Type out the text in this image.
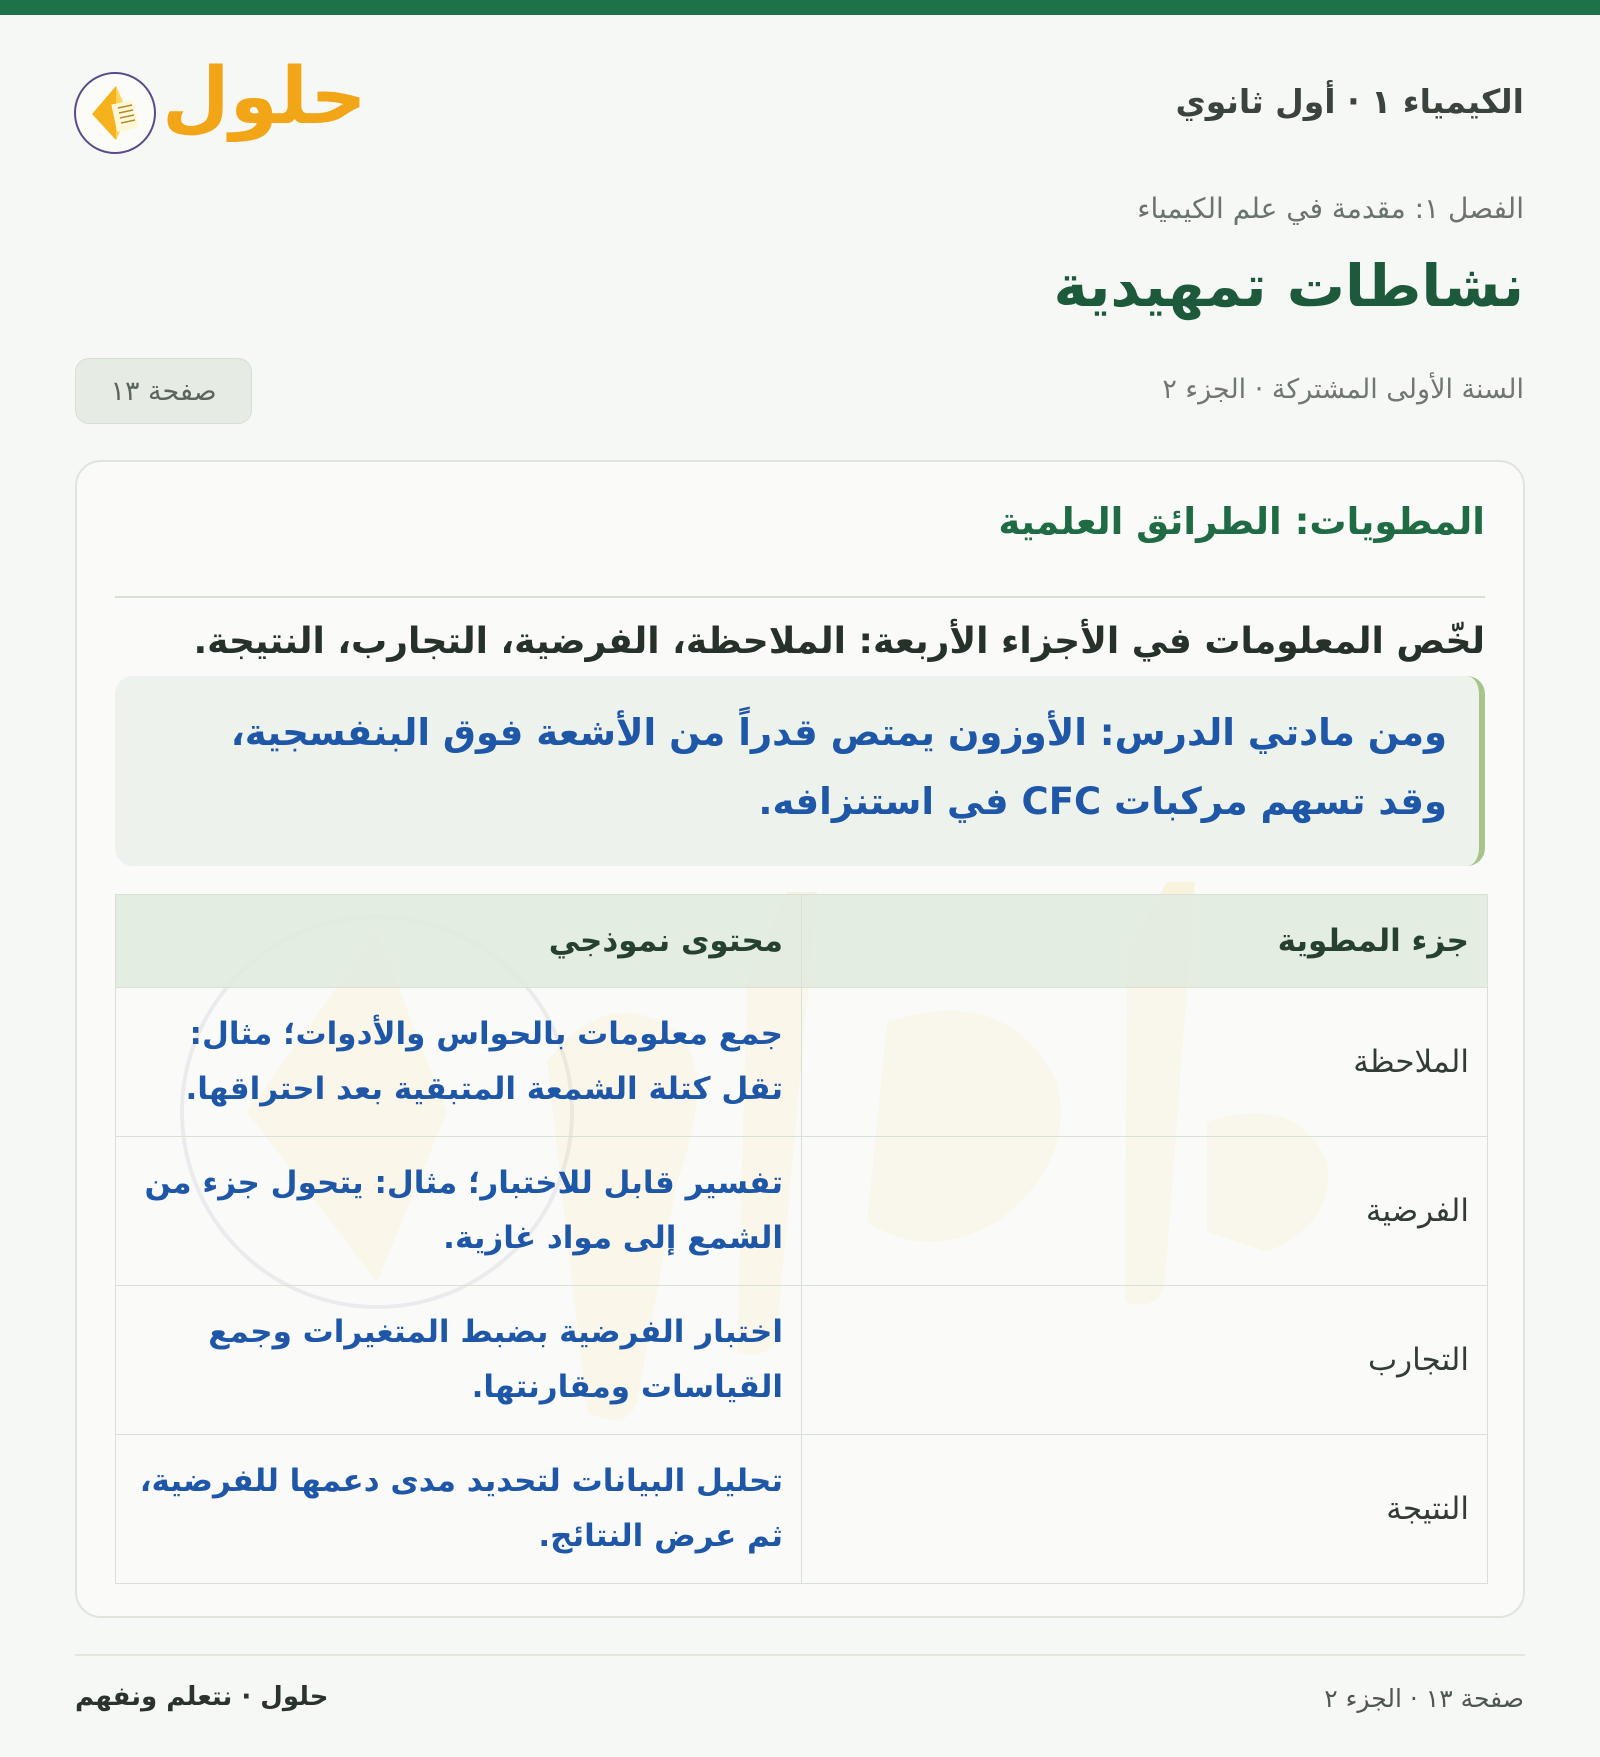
حلول	الكيمياء ١ · أول ثانوي
الفصل ١: مقدمة في علم الكيمياء
نشاطات تمهيدية
السنة الأولى المشتركة · الجزء ٢
صفحة ١٣
المطويات: الطرائق العلمية
لخّص المعلومات في الأجزاء الأربعة: الملاحظة، الفرضية، التجارب، النتيجة.
ومن مادتي الدرس: الأوزون يمتص قدراً من الأشعة فوق البنفسجية، وقد تسهم مركبات CFC في استنزافه.
جزء المطوية	محتوى نموذجي
الملاحظة	جمع معلومات بالحواس والأدوات؛ مثال: تقل كتلة الشمعة المتبقية بعد احتراقها.
الفرضية	تفسير قابل للاختبار؛ مثال: يتحول جزء من الشمع إلى مواد غازية.
التجارب	اختبار الفرضية بضبط المتغيرات وجمع القياسات ومقارنتها.
النتيجة	تحليل البيانات لتحديد مدى دعمها للفرضية، ثم عرض النتائج.
صفحة ١٣ · الجزء ٢
حلول · نتعلم ونفهم
